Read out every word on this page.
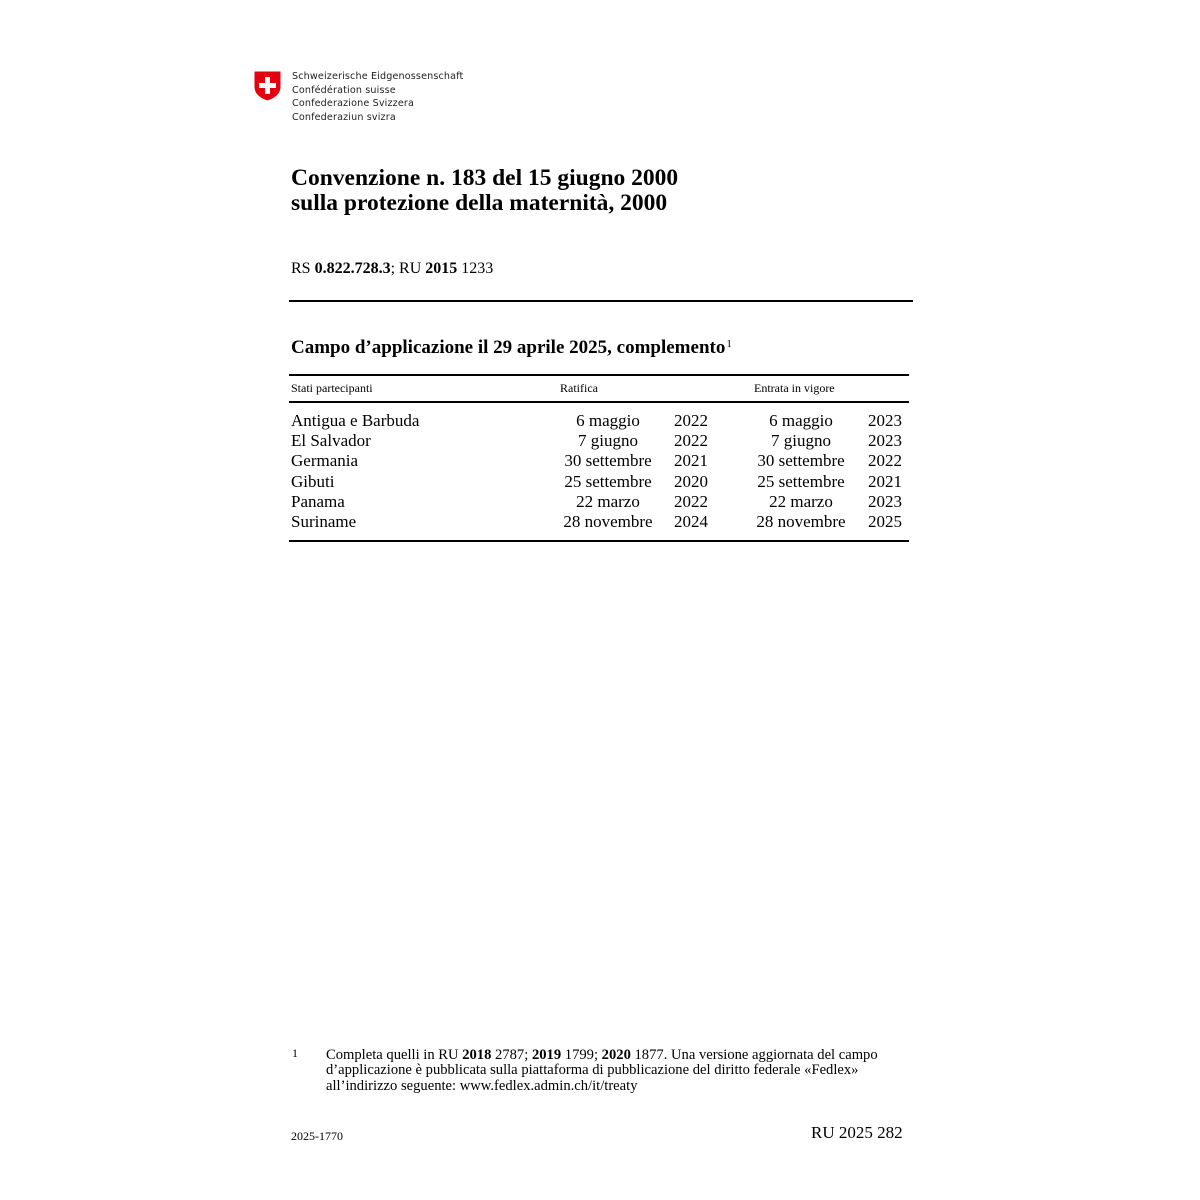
Schweizerische Eidgenossenschaft
Confédération suisse
Confederazione Svizzera
Confederaziun svizra
Convenzione n. 183 del 15 giugno 2000
sulla protezione della maternità, 2000
RS 0.822.728.3; RU 2015 1233
Campo d’applicazione il 29 aprile 2025, complemento$^1$
Stati partecipanti	Ratifica	Entrata in vigore
Antigua e Barbuda	6 maggio	2022	6 maggio	2023
El Salvador	7 giugno	2022	7 giugno	2023
Germania	30 settembre	2021	30 settembre 2022
Gibuti	25 settembre	2020	25 settembre 2021
Panama	22 marzo	2022	22 marzo	2023
Suriname	28 novembre 2024	28 novembre 2025
1 Completa quelli in RU 2018 2787; 2019 1799; 2020 1877. Una versione aggiornata del campo d’applicazione è pubblicata sulla piattaforma di pubblicazione del diritto federale «Fedlex» all’indirizzo seguente: www.fedlex.admin.ch/it/treaty
2025-1770	RU 2025 282
